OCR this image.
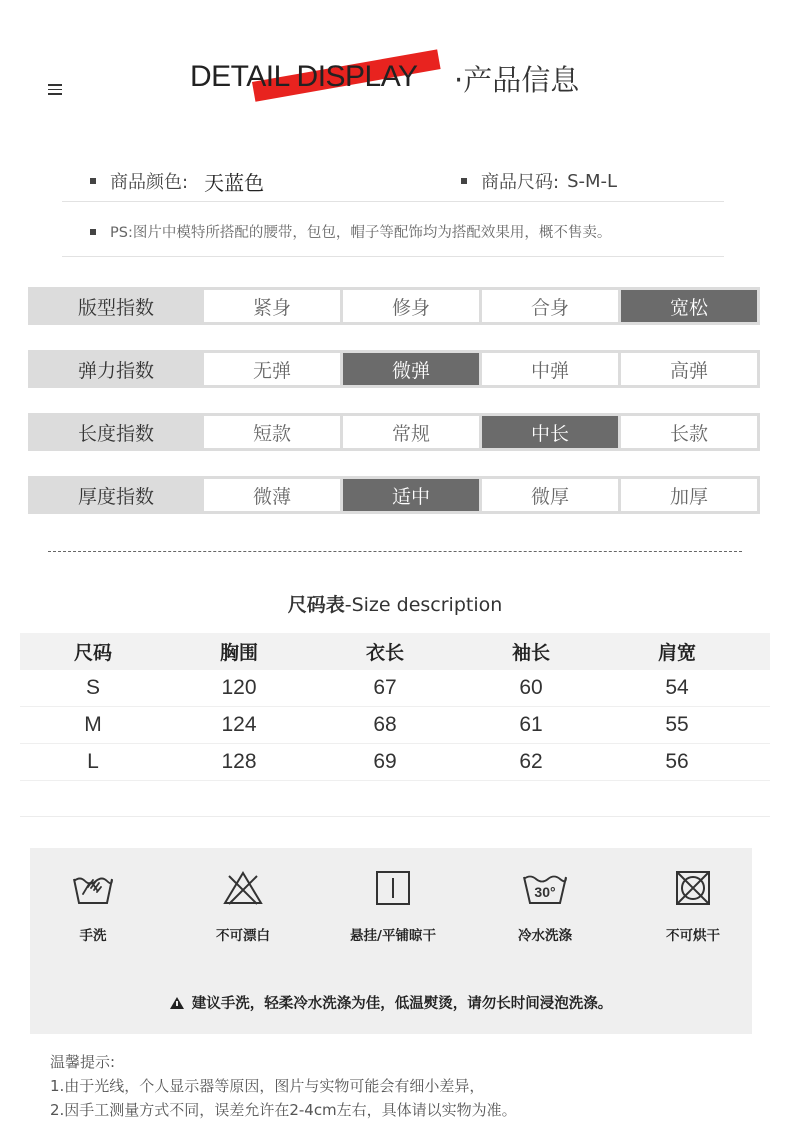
DETAIL DISPLAY ·产品信息
商品颜色: 天蓝色	商品尺码: S-M-L
PS:图片中模特所搭配的腰带，包包，帽子等配饰均为搭配效果用，概不售卖。
版型指数	紧身	修身	合身	宽松
弹力指数	无弹	微弹	中弹	高弹
长度指数	短款	常规	中长	长款
厚度指数	微薄	适中	微厚	加厚
尺码表-Size description
尺码	胸围	衣长	袖长	肩宽
S	120	67	60	54
M	124	68	61	55
L	128	69	62	56
手洗	不可漂白	悬挂/平铺晾干
30°
冷水洗涤	不可烘干
建议手洗，轻柔冷水洗涤为佳，低温熨烫，请勿长时间浸泡洗涤。
温馨提示:
1.由于光线，个人显示器等原因，图片与实物可能会有细小差异，
2.因手工测量方式不同，误差允许在2-4cm左右，具体请以实物为准。
